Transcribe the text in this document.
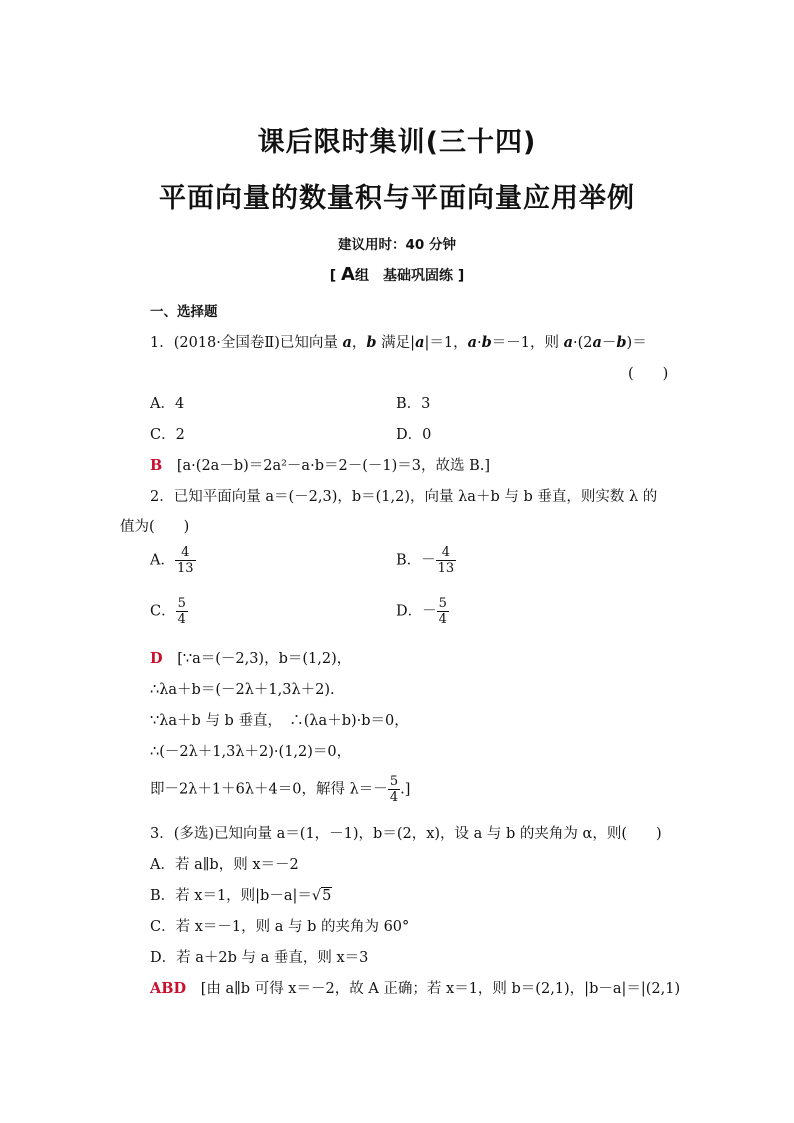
课后限时集训(三十四)
平面向量的数量积与平面向量应用举例
建议用时：40 分钟
[ A组　基础巩固练 ]
一、选择题
1．(2018·全国卷Ⅱ)已知向量 a，b 满足|a|＝1，a·b＝－1，则 a·(2a－b)＝
(　　)
A．4	B．3
C．2	D．0
B [a·(2a－b)＝2a²－a·b＝2－(－1)＝3，故选 B.]
2．已知平面向量 a＝(－2,3)，b＝(1,2)，向量 λa＋b 与 b 垂直，则实数 λ 的
值为(　　)
A． $\frac{4}{13}$	B．－ $\frac{4}{13}$
C． $\frac{5}{4}$	D．－ $\frac{5}{4}$
D [∵a＝(－2,3)，b＝(1,2)，
∴λa＋b＝(－2λ＋1,3λ＋2).
∵λa＋b 与 b 垂直，　∴(λa＋b)·b＝0，
∴(－2λ＋1,3λ＋2)·(1,2)＝0，
即－2λ＋1＋6λ＋4＝0，解得 $\lambda=- \frac{5}{4}$ .]
3．(多选)已知向量 a＝(1，－1)，b＝(2，x)，设 a 与 b 的夹角为 α，则(　　)
A．若 a∥b，则 x＝－2
B．若 x＝1，则|b－a|＝√5
C．若 x＝－1，则 a 与 b 的夹角为 60°
D．若 a＋2b 与 a 垂直，则 x＝3
ABD [由 a∥b 可得 x＝－2，故 A 正确；若 x＝1，则 b＝(2,1)，|b－a|＝|(2,1)
